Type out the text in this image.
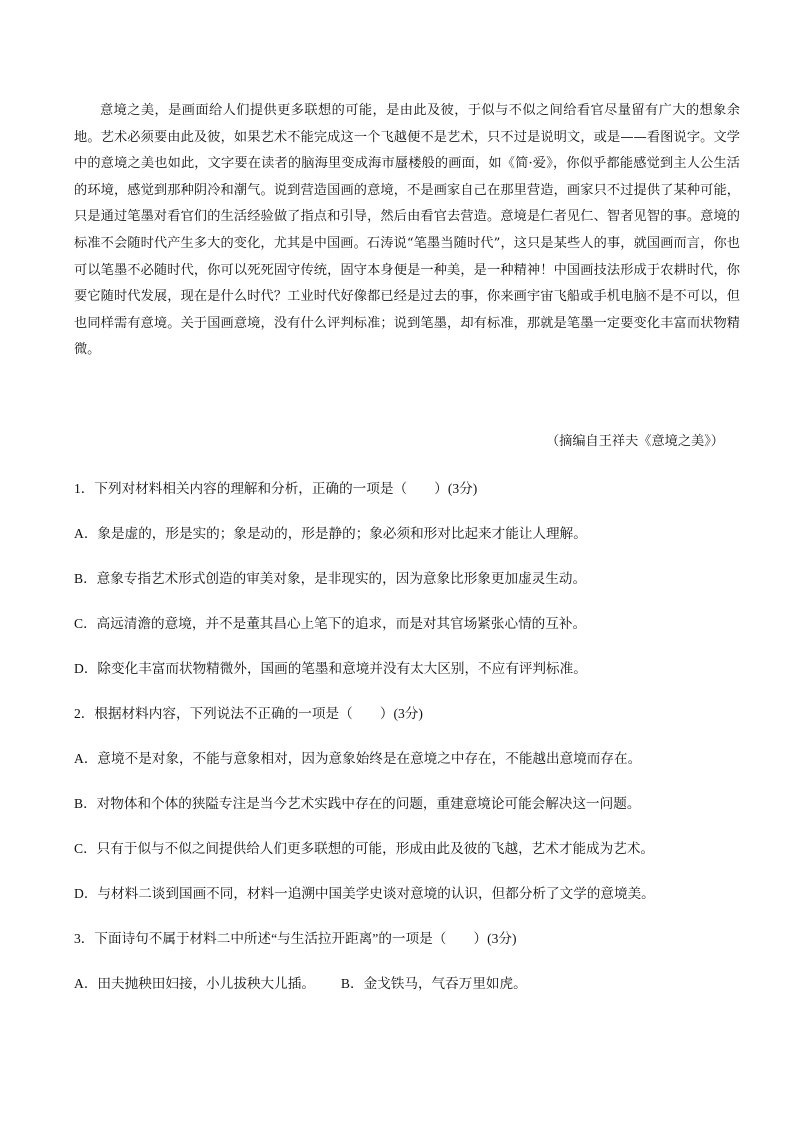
意境之美，是画面给人们提供更多联想的可能，是由此及彼，于似与不似之间给看官尽量留有广大的想象余地。艺术必须要由此及彼，如果艺术不能完成这一个飞越便不是艺术，只不过是说明文，或是——看图说字。文学中的意境之美也如此，文字要在读者的脑海里变成海市蜃楼般的画面，如《简·爱》，你似乎都能感觉到主人公生活的环境，感觉到那种阴冷和潮气。说到营造国画的意境，不是画家自己在那里营造，画家只不过提供了某种可能，只是通过笔墨对看官们的生活经验做了指点和引导，然后由看官去营造。意境是仁者见仁、智者见智的事。意境的标准不会随时代产生多大的变化，尤其是中国画。石涛说“笔墨当随时代”，这只是某些人的事，就国画而言，你也可以笔墨不必随时代，你可以死死固守传统，固守本身便是一种美，是一种精神！中国画技法形成于农耕时代，你要它随时代发展，现在是什么时代？工业时代好像都已经是过去的事，你来画宇宙飞船或手机电脑不是不可以，但也同样需有意境。关于国画意境，没有什么评判标准；说到笔墨，却有标准，那就是笔墨一定要变化丰富而状物精微。

（摘编自王祥夫《意境之美》）
1．下列对材料相关内容的理解和分析，正确的一项是（　　）(3分)
A．象是虚的，形是实的；象是动的，形是静的；象必须和形对比起来才能让人理解。
B．意象专指艺术形式创造的审美对象，是非现实的，因为意象比形象更加虚灵生动。
C．高远清澹的意境，并不是董其昌心上笔下的追求，而是对其官场紧张心情的互补。
D．除变化丰富而状物精微外，国画的笔墨和意境并没有太大区别，不应有评判标准。
2．根据材料内容，下列说法不正确的一项是（　　）(3分)
A．意境不是对象，不能与意象相对，因为意象始终是在意境之中存在，不能越出意境而存在。
B．对物体和个体的狭隘专注是当今艺术实践中存在的问题，重建意境论可能会解决这一问题。
C．只有于似与不似之间提供给人们更多联想的可能，形成由此及彼的飞越，艺术才能成为艺术。
D．与材料二谈到国画不同，材料一追溯中国美学史谈对意境的认识，但都分析了文学的意境美。
3．下面诗句不属于材料二中所述“与生活拉开距离”的一项是（　　）(3分)
A．田夫抛秧田妇接，小儿拔秧大儿插。 B．金戈铁马，气吞万里如虎。
